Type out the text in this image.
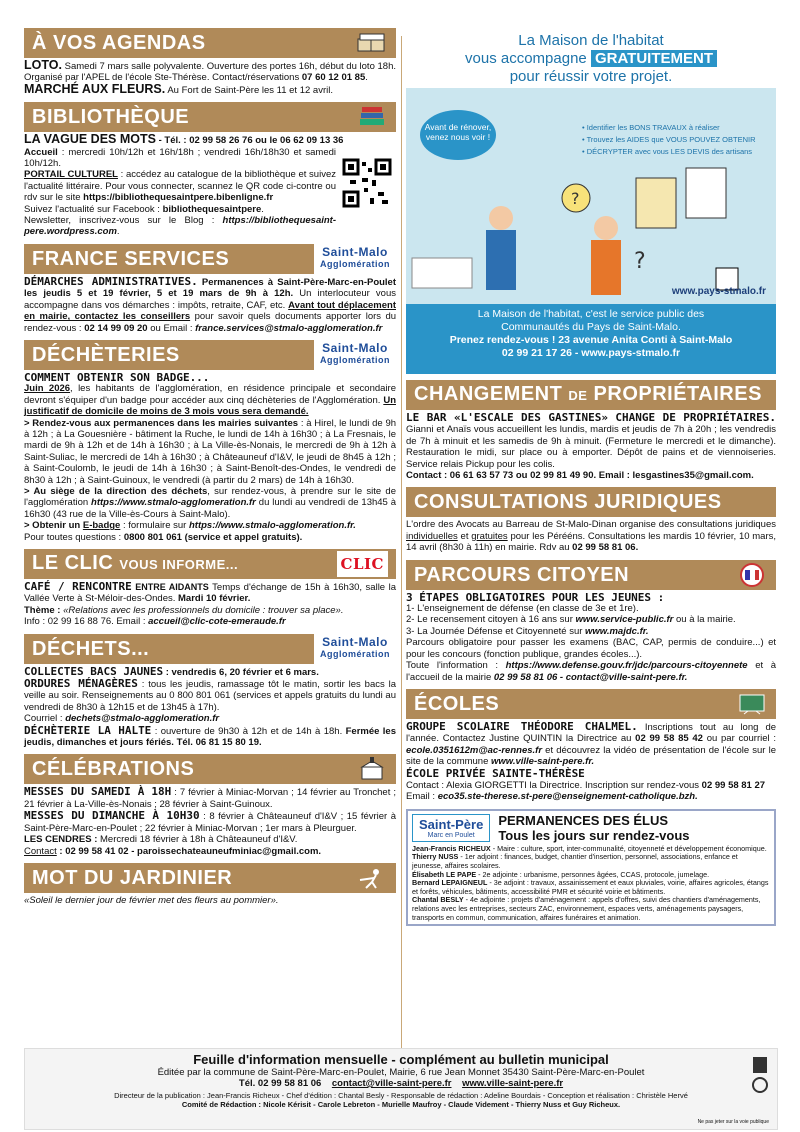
À VOS AGENDAS
LOTO. Samedi 7 mars salle polyvalente. Ouverture des portes 16h, début du loto 18h. Organisé par l'APEL de l'école Ste-Thérèse. Contact/réservations 07 60 12 01 85.
MARCHÉ AUX FLEURS. Au Fort de Saint-Père les 11 et 12 avril.
BIBLIOTHÈQUE
LA VAGUE DES MOTS - Tél. : 02 99 58 26 76 ou le 06 62 09 13 36
Accueil : mercredi 10h/12h et 16h/18h ; vendredi 16h/18h30 et samedi 10h/12h.
PORTAIL CULTUREL : accédez au catalogue de la bibliothèque et suivez l'actualité littéraire. Pour vous connecter, scannez le QR code ci-contre ou rdv sur le site https://bibliothequesaintpere.bibenligne.fr
Suivez l'actualité sur Facebook : bibliothequesaintpere.
Newsletter, inscrivez-vous sur le Blog : https://bibliothequesaint-pere.wordpress.com.
FRANCE SERVICES	Saint-Malo
Agglomération
DÉMARCHES ADMINISTRATIVES. Permanences à Saint-Père-Marc-en-Poulet les jeudis 5 et 19 février, 5 et 19 mars de 9h à 12h. Un interlocuteur vous accompagne dans vos démarches : impôts, retraite, CAF, etc. Avant tout déplacement en mairie, contactez les conseillers pour savoir quels documents apporter lors du rendez-vous : 02 14 99 09 20 ou Email : france.services@stmalo-agglomeration.fr
DÉCHÈTERIES	Saint-Malo
Agglomération
COMMENT OBTENIR SON BADGE...
Juin 2026, les habitants de l'agglomération, en résidence principale et secondaire devront s'équiper d'un badge pour accéder aux cinq déchèteries de l'Agglomération. Un justificatif de domicile de moins de 3 mois vous sera demandé.
> Rendez-vous aux permanences dans les mairies suivantes : à Hirel, le lundi de 9h à 12h ; à La Gouesnière - bâtiment la Ruche, le lundi de 14h à 16h30 ; à La Fresnais, le mardi de 9h à 12h et de 14h à 16h30 ; à La Ville-ès-Nonais, le mercredi de 9h à 12h à Saint-Suliac, le mercredi de 14h à 16h30 ; à Châteauneuf d'I&V, le jeudi de 8h45 à 12h ; à Saint-Coulomb, le jeudi de 14h à 16h30 ; à Saint-Benoît-des-Ondes, le vendredi de 8h30 à 12h ; à Saint-Guinoux, le vendredi (à partir du 2 mars) de 14h à 16h30.
> Au siège de la direction des déchets, sur rendez-vous, à prendre sur le site de l'agglomération https://www.stmalo-agglomeration.fr du lundi au vendredi de 13h45 à 16h30 (43 rue de la Ville-ès-Cours à Saint-Malo).
> Obtenir un E-badge : formulaire sur https://www.stmalo-agglomeration.fr.
Pour toutes questions : 0800 801 061 (service et appel gratuits).
LE CLIC VOUS INFORME...	CLIC
CAFÉ / RENCONTRE ENTRE AIDANTS Temps d'échange de 15h à 16h30, salle la Vallée Verte à St-Méloir-des-Ondes. Mardi 10 février.
Thème : «Relations avec les professionnels du domicile : trouver sa place».
Info : 02 99 16 88 76. Email : accueil@clic-cote-emeraude.fr
DÉCHETS...	Saint-Malo
Agglomération
COLLECTES BACS JAUNES : vendredis 6, 20 février et 6 mars.
ORDURES MÉNAGÈRES : tous les jeudis, ramassage tôt le matin, sortir les bacs la veille au soir. Renseignements au 0 800 801 061 (services et appels gratuits du lundi au vendredi de 8h30 à 12h15 et de 13h45 à 17h).
Courriel : dechets@stmalo-agglomeration.fr
DÉCHÈTERIE LA HALTE : ouverture de 9h30 à 12h et de 14h à 18h. Fermée les jeudis, dimanches et jours fériés. Tél. 06 81 15 80 19.
CÉLÉBRATIONS
MESSES DU SAMEDI À 18H : 7 février à Miniac-Morvan ; 14 février au Tronchet ; 21 février à La-Ville-ès-Nonais ; 28 février à Saint-Guinoux.
MESSES DU DIMANCHE À 10H30 : 8 février à Châteauneuf d'I&V ; 15 février à Saint-Père-Marc-en-Poulet ; 22 février à Miniac-Morvan ; 1er mars à Pleurguer.
LES CENDRES : Mercredi 18 février à 18h à Châteauneuf d'I&V.
Contact : 02 99 58 41 02 - paroissechateauneufminiac@gmail.com.
MOT DU JARDINIER
«Soleil le dernier jour de février met des fleurs au pommier».
La Maison de l'habitat
vous accompagne GRATUITEMENT
pour réussir votre projet.
Avant de rénover, venez nous voir !
• Identifier les BONS TRAVAUX à réaliser
• Trouvez les AIDES que VOUS POUVEZ OBTENIR
• DÉCRYPTER avec vous LES DEVIS des artisans
?
?
www.pays-stmalo.fr
La Maison de l'habitat, c'est le service public des
Communautés du Pays de Saint-Malo.
Prenez rendez-vous ! 23 avenue Anita Conti à Saint-Malo
02 99 21 17 26 - www.pays-stmalo.fr
CHANGEMENT DE PROPRIÉTAIRES
LE BAR «L'ESCALE DES GASTINES» CHANGE DE PROPRIÉTAIRES. Gianni et Anaïs vous accueillent les lundis, mardis et jeudis de 7h à 20h ; les vendredis de 7h à minuit et les samedis de 9h à minuit. (Fermeture le mercredi et le dimanche). Restauration le midi, sur place ou à emporter. Dépôt de pains et de viennoiseries. Service relais Pickup pour les colis.
Contact : 06 61 63 57 73 ou 02 99 81 49 90. Email : lesgastines35@gmail.com.
CONSULTATIONS JURIDIQUES
L'ordre des Avocats au Barreau de St-Malo-Dinan organise des consultations juridiques individuelles et gratuites pour les Pérééns. Consultations les mardis 10 février, 10 mars, 14 avril (8h30 à 11h) en mairie. Rdv au 02 99 58 81 06.
PARCOURS CITOYEN
3 ÉTAPES OBLIGATOIRES POUR LES JEUNES :
1- L'enseignement de défense (en classe de 3e et 1re).
2- Le recensement citoyen à 16 ans sur www.service-public.fr ou à la mairie.
3- La Journée Défense et Citoyenneté sur www.majdc.fr.
Parcours obligatoire pour passer les examens (BAC, CAP, permis de conduire...) et pour les concours (fonction publique, grandes écoles...).
Toute l'information : https://www.defense.gouv.fr/jdc/parcours-citoyennete et à l'accueil de la mairie 02 99 58 81 06 - contact@ville-saint-pere.fr.
ÉCOLES
GROUPE SCOLAIRE THÉODORE CHALMEL. Inscriptions tout au long de l'année. Contactez Justine QUINTIN la Directrice au 02 99 58 85 42 ou par courriel : ecole.0351612m@ac-rennes.fr et découvrez la vidéo de présentation de l'école sur le site de la commune www.ville-saint-pere.fr.
ÉCOLE PRIVÉE SAINTE-THÉRÈSE
Contact : Alexia GIORGETTI la Directrice. Inscription sur rendez-vous 02 99 58 81 27
Email : eco35.ste-therese.st-pere@enseignement-catholique.bzh.
Saint-Père
Marc en Poulet
PERMANENCES DES ÉLUS
Tous les jours sur rendez-vous
Jean-Francis RICHEUX - Maire : culture, sport, inter-communalité, citoyenneté et développement économique.
Thierry NUSS - 1er adjoint : finances, budget, chantier d'insertion, personnel, associations, enfance et jeunesse, affaires scolaires.
Élisabeth LE PAPE - 2e adjointe : urbanisme, personnes âgées, CCAS, protocole, jumelage.
Bernard LEPAIGNEUL - 3e adjoint : travaux, assainissement et eaux pluviales, voirie, affaires agricoles, étangs et forêts, véhicules, bâtiments, accessibilité PMR et sécurité voirie et bâtiments.
Chantal BESLY - 4e adjointe : projets d'aménagement : appels d'offres, suivi des chantiers d'aménagements, relations avec les entreprises, secteurs ZAC, environnement, espaces verts, aménagements paysagers, transports en commun, communication, affaires funéraires et animation.
Feuille d'information mensuelle - complément au bulletin municipal
Éditée par la commune de Saint-Père-Marc-en-Poulet, Mairie, 6 rue Jean Monnet 35430 Saint-Père-Marc-en-Poulet
Tél. 02 99 58 81 06 contact@ville-saint-pere.fr www.ville-saint-pere.fr
Directeur de la publication : Jean-Francis Richeux - Chef d'édition : Chantal Besly - Responsable de rédaction : Adeline Bourdais - Conception et réalisation : Christèle Hervé
Comité de Rédaction : Nicole Kérisit - Carole Lebreton - Murielle Maufroy - Claude Videment - Thierry Nuss et Guy Richeux.
Ne pas jeter sur la voie publique
